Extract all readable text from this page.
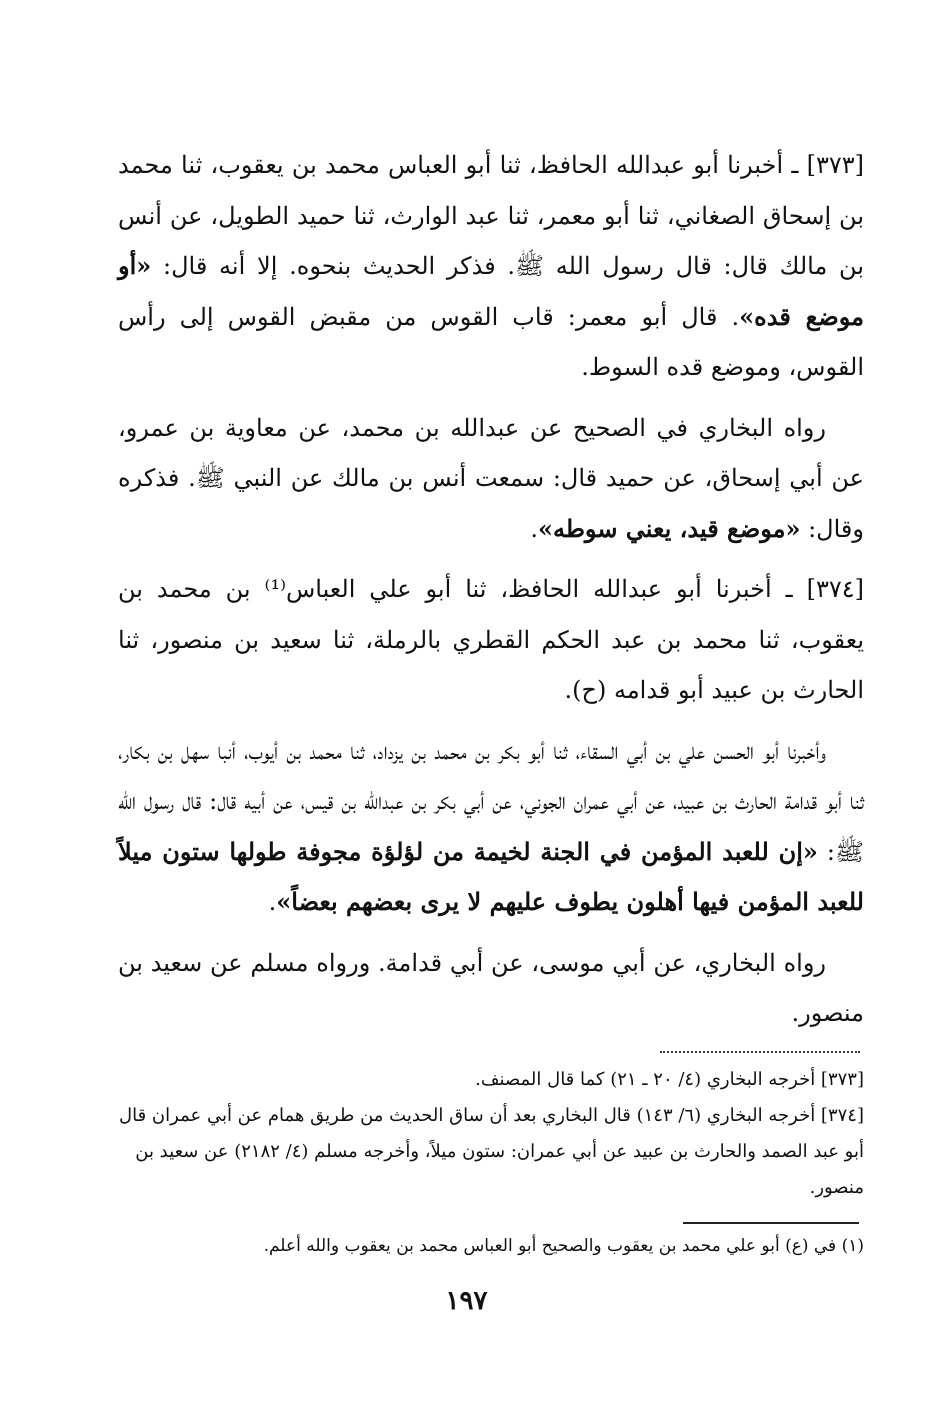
[٣٧٣] ـ أخبرنا أبو عبدالله الحافظ، ثنا أبو العباس محمد بن يعقوب، ثنا محمد بن إسحاق الصغاني، ثنا أبو معمر، ثنا عبد الوارث، ثنا حميد الطويل، عن أنس بن مالك قال: قال رسول الله ﷺ. فذكر الحديث بنحوه. إلا أنه قال: «أو موضع قده». قال أبو معمر: قاب القوس من مقبض القوس إلى رأس القوس، وموضع قده السوط.

رواه البخاري في الصحيح عن عبدالله بن محمد، عن معاوية بن عمرو، عن أبي إسحاق، عن حميد قال: سمعت أنس بن مالك عن النبي ﷺ. فذكره وقال: «موضع قيد، يعني سوطه».

[٣٧٤] ـ أخبرنا أبو عبدالله الحافظ، ثنا أبو علي العباس⁽¹⁾ بن محمد بن يعقوب، ثنا محمد بن عبد الحكم القطري بالرملة، ثنا سعيد بن منصور، ثنا الحارث بن عبيد أبو قدامه (ح).

وأخبرنا أبو الحسن علي بن أبي السقاء، ثنا أبو بكر بن محمد بن يزداد، ثنا محمد بن أيوب، أنبا سهل بن بكار، ثنا أبو قدامة الحارث بن عبيد، عن أبي عمران الجوني، عن أبي بكر بن عبدالله بن قيس، عن أبيه قال: قال رسول الله ﷺ: «إن للعبد المؤمن في الجنة لخيمة من لؤلؤة مجوفة طولها ستون ميلاً للعبد المؤمن فيها أهلون يطوف عليهم لا يرى بعضهم بعضاً».

رواه البخاري، عن أبي موسى، عن أبي قدامة. ورواه مسلم عن سعيد بن منصور.

[٣٧٣] أخرجه البخاري (٤/ ٢٠ ـ ٢١) كما قال المصنف.

[٣٧٤] أخرجه البخاري (٦/ ١٤٣) قال البخاري بعد أن ساق الحديث من طريق همام عن أبي عمران قال أبو عبد الصمد والحارث بن عبيد عن أبي عمران: ستون ميلاً، وأخرجه مسلم (٤/ ٢١٨٢) عن سعيد بن منصور.

(١) في (ع) أبو علي محمد بن يعقوب والصحيح أبو العباس محمد بن يعقوب والله أعلم.

١٩٧
